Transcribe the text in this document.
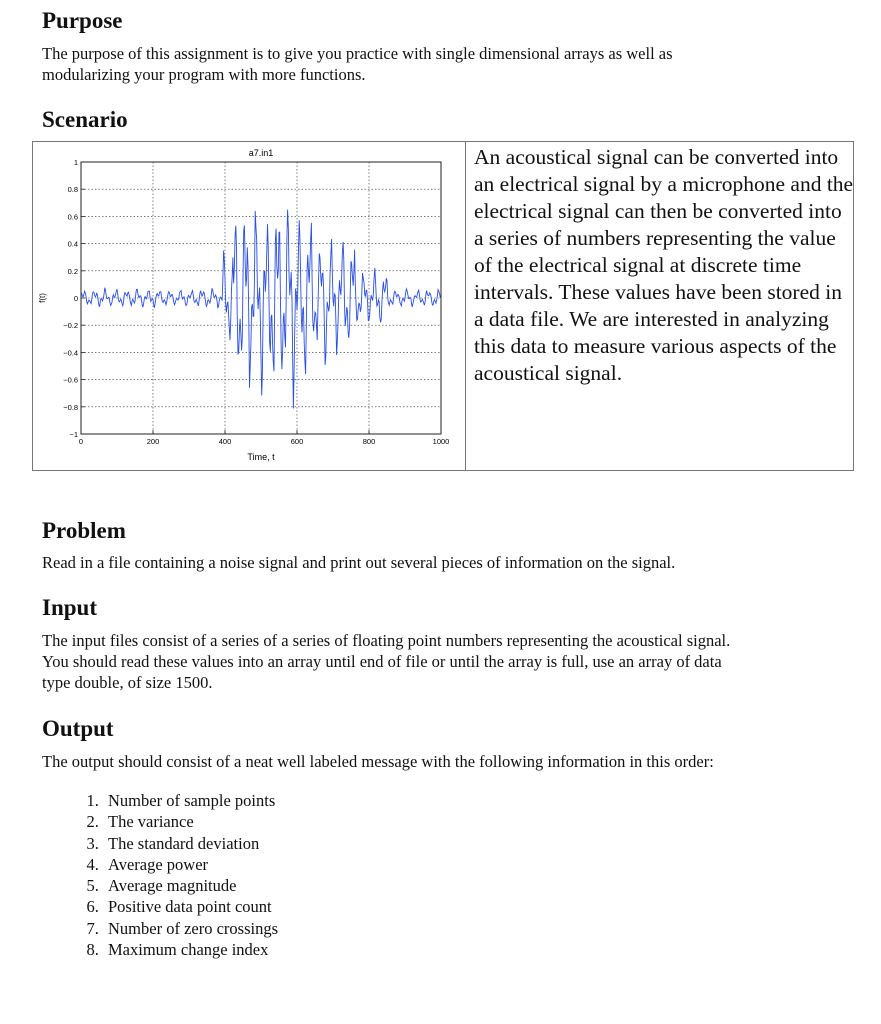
Purpose

The purpose of this assignment is to give you practice with single dimensional arrays as well as

modularizing your program with more functions.

Scenario
1
0.8
0.6
0.4
0.2
0
−0.2
−0.4
−0.6
−0.8
−1
0	200	400	600	800	1000
a7.in1
Time, t
f(t)

An acoustical signal can be converted into an electrical signal by a microphone and the electrical signal can then be converted into a series of numbers representing the value of the electrical signal at discrete time intervals. These values have been stored in a data file. We are interested in analyzing this data to measure various aspects of the acoustical signal.

Problem

Read in a file containing a noise signal and print out several pieces of information on the signal.

Input

The input files consist of a series of a series of floating point numbers representing the acoustical signal.

You should read these values into an array until end of file or until the array is full, use an array of data

type double, of size 1500.

Output

The output should consist of a neat well labeled message with the following information in this order:

1. Number of sample points
2. The variance
3. The standard deviation
4. Average power
5. Average magnitude
6. Positive data point count
7. Number of zero crossings
8. Maximum change index
